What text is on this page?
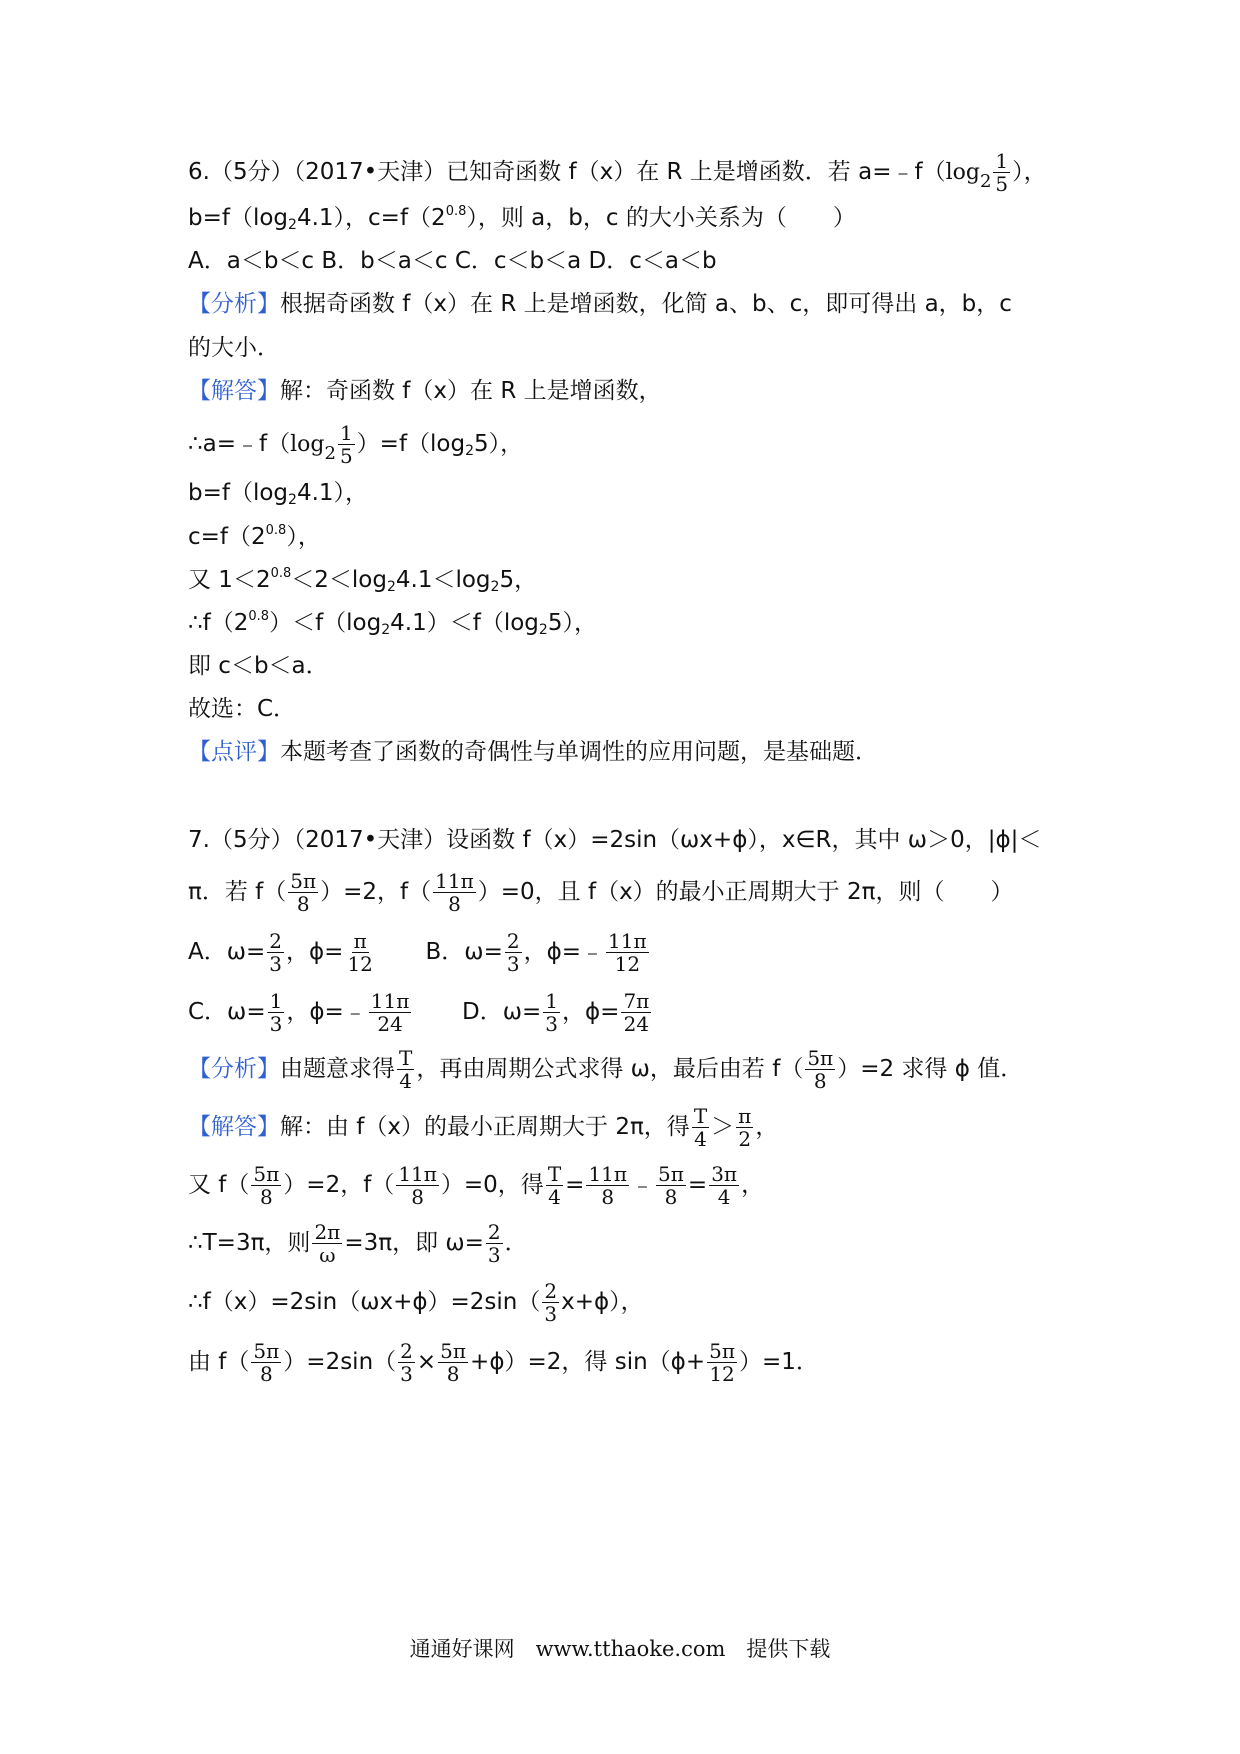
6.（5分）（2017•天津）已知奇函数 f（x）在 R 上是增函数．若 $a=﹣f(\log_2 \frac{1}{5}$ ），
$b=f(\log_24.1)$，$c=f(2^{0.8})$，则 a，b，c 的大小关系为（　　）
A．a＜b＜c B．b＜a＜c C．c＜b＜a D．c＜a＜b
【分析】根据奇函数 f（x）在 R 上是增函数，化简 a、b、c，即可得出 a，b，c
的大小．
【解答】解：奇函数 f（x）在 R 上是增函数，
$\therefore a=﹣f(\log_2 \frac{1}{5} )=f(\log_25)$，
$b=f(\log_24.1)$，
$c=f(2^{0.8})$，
又 $1<2^{0.8}<2<\log_24.1<\log_25$，
$\therefore f(2^{0.8})<f(\log_24.1)<f(\log_25)$，
即 c＜b＜a．
故选：C．
【点评】本题考查了函数的奇偶性与单调性的应用问题，是基础题．
7.（5分）（2017•天津）设函数 f（x）=2sin（ωx+ϕ），x∈R，其中 ω＞0，|ϕ|＜
π．若 $f( \frac{5\pi}{8} )=2$，$f( \frac{11\pi}{8} )=0$，且 f（x）的最小正周期大于 2π，则（　　）
A．$\omega= \frac{2}{3}$ ，$\phi= \frac{\pi}{12}$ B．$\omega= \frac{2}{3}$ ，ϕ=﹣ $\frac{11\pi}{12}$
C．$\omega= \frac{1}{3}$ ，ϕ=﹣ $\frac{11\pi}{24}$ D．$\omega= \frac{1}{3}$ ，$\phi= \frac{7\pi}{24}$
【分析】由题意求得 $\frac{T}{4}$ ，再由周期公式求得 ω，最后由若 $f( \frac{5\pi}{8} )=2$ 求得 ϕ 值．
【解答】解：由 f（x）的最小正周期大于 2π，得 $\frac{T}{4} > \frac{\pi}{2}$ ，
又 $f( \frac{5\pi}{8} )=2$，$f( \frac{11\pi}{8} )=0$，得 $\frac{T}{4} = \frac{11\pi}{8}$ ﹣ $\frac{5\pi}{8} = \frac{3\pi}{4}$ ，
∴T=3π，则 $\frac{2\pi}{\omega} =3\pi$，即 $\omega= \frac{2}{3}$ ．
∴f（x）=2sin（ωx+ϕ）=2sin（ $\frac{2}{3} x+\phi$），
由 $f( \frac{5\pi}{8} )=2\sin( \frac{2}{3} \times \frac{5\pi}{8} +\phi)=2$，得 $\sin(\phi+ \frac{5\pi}{12} )=1$．
通通好课网　www.tthaoke.com　提供下载
